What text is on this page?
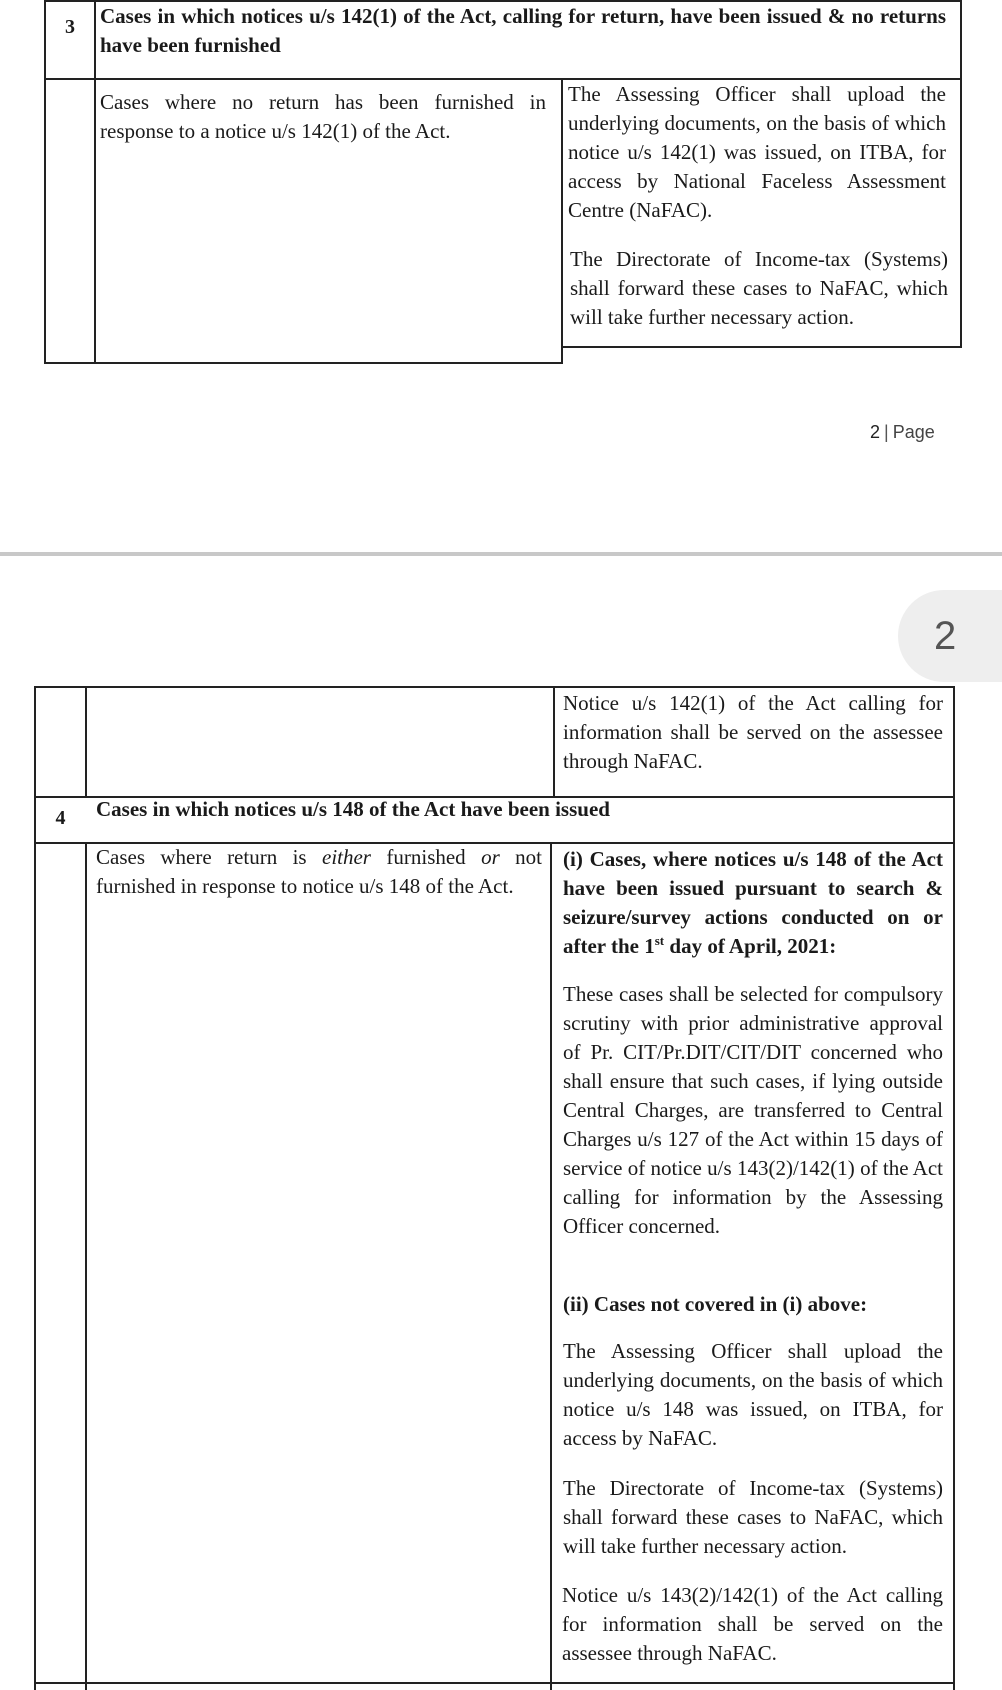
3	Cases in which notices u/s 142(1) of the Act, calling for return, have been issued & no returns have been furnished

Cases where no return has been furnished in response to a notice u/s 142(1) of the Act.

The Assessing Officer shall upload the underlying documents, on the basis of which notice u/s 142(1) was issued, on ITBA, for access by National Faceless Assessment Centre (NaFAC).

The Directorate of Income-tax (Systems) shall forward these cases to NaFAC, which will take further necessary action.

2 | Page
2

Notice u/s 142(1) of the Act calling for information shall be served on the assessee through NaFAC.

4	Cases in which notices u/s 148 of the Act have been issued

Cases where return is either furnished or not furnished in response to notice u/s 148 of the Act.

(i) Cases, where notices u/s 148 of the Act have been issued pursuant to search & seizure/survey actions conducted on or after the 1st day of April, 2021:

These cases shall be selected for compulsory scrutiny with prior administrative approval of Pr. CIT/Pr.DIT/CIT/DIT concerned who shall ensure that such cases, if lying outside Central Charges, are transferred to Central Charges u/s 127 of the Act within 15 days of service of notice u/s 143(2)/142(1) of the Act calling for information by the Assessing Officer concerned.

(ii) Cases not covered in (i) above:

The Assessing Officer shall upload the underlying documents, on the basis of which notice u/s 148 was issued, on ITBA, for access by NaFAC.

The Directorate of Income-tax (Systems) shall forward these cases to NaFAC, which will take further necessary action.

Notice u/s 143(2)/142(1) of the Act calling for information shall be served on the assessee through NaFAC.
